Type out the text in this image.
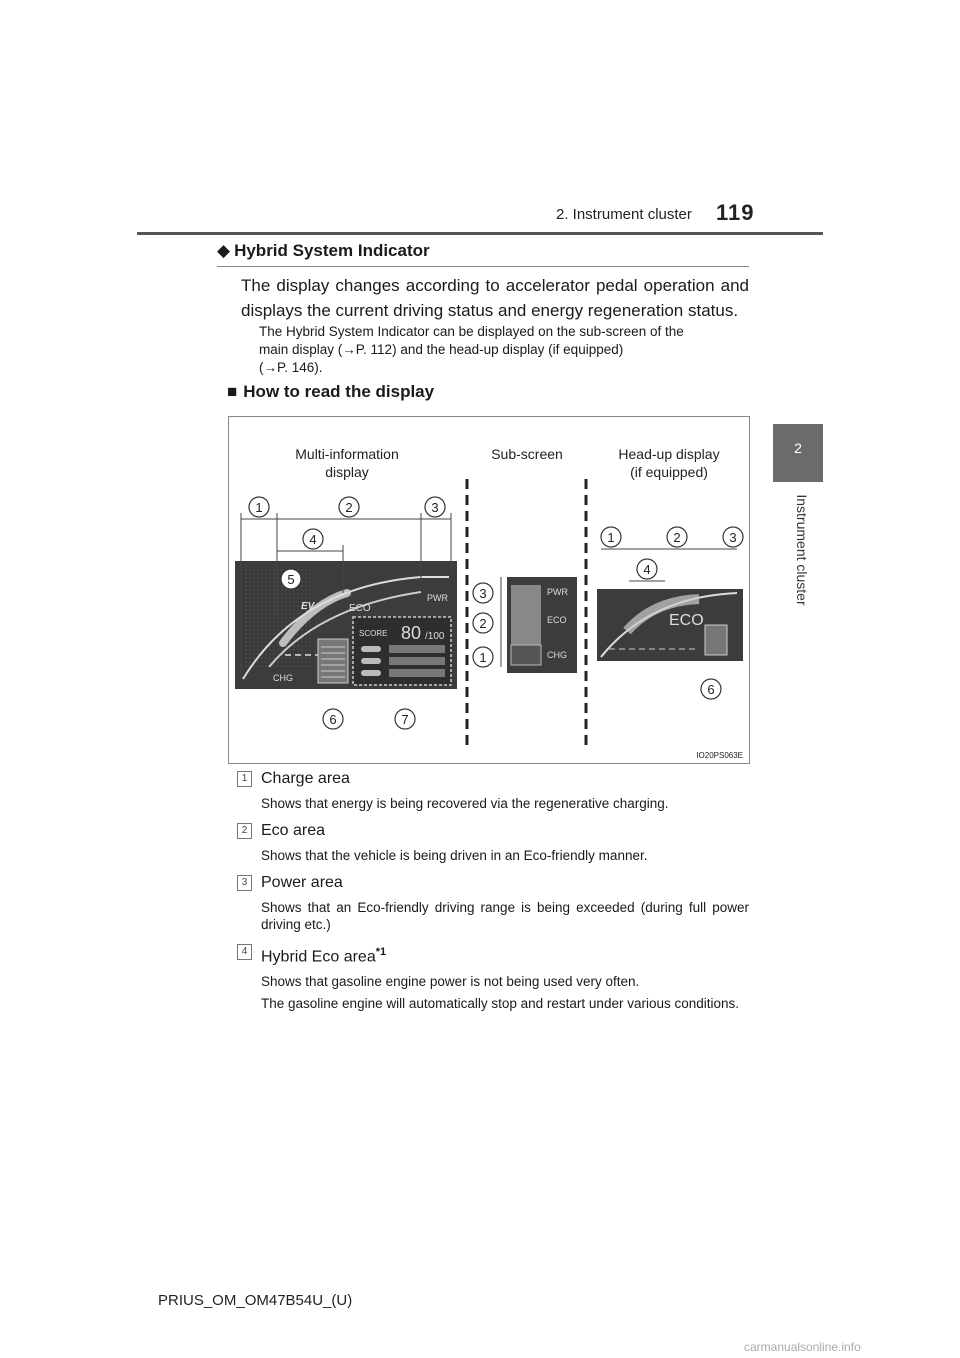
2. Instrument cluster 119
2
Instrument cluster
◆ Hybrid System Indicator
The display changes according to accelerator pedal operation and displays the current driving status and energy regeneration status.
The Hybrid System Indicator can be displayed on the sub-screen of the
main display (→P. 112) and the head-up display (if equipped)
(→P. 146).
■ How to read the display
Multi-information
display
Sub-screen	Head-up display
(if equipped)
EV	ECO
PWR
CHG
SCORE 80 /100
PWR
ECO
CHG
ECO
1	2	3
4
5
6	7
3
2
1
1	2	3
4
6
IO20PS063E
1 Charge area
Shows that energy is being recovered via the regenerative charging.
2 Eco area
Shows that the vehicle is being driven in an Eco-friendly manner.
3 Power area
Shows that an Eco-friendly driving range is being exceeded (during full power driving etc.)
4 Hybrid Eco area$^{*1}$
Shows that gasoline engine power is not being used very often.
The gasoline engine will automatically stop and restart under various conditions.
PRIUS_OM_OM47B54U_(U)
carmanualsonline.info
